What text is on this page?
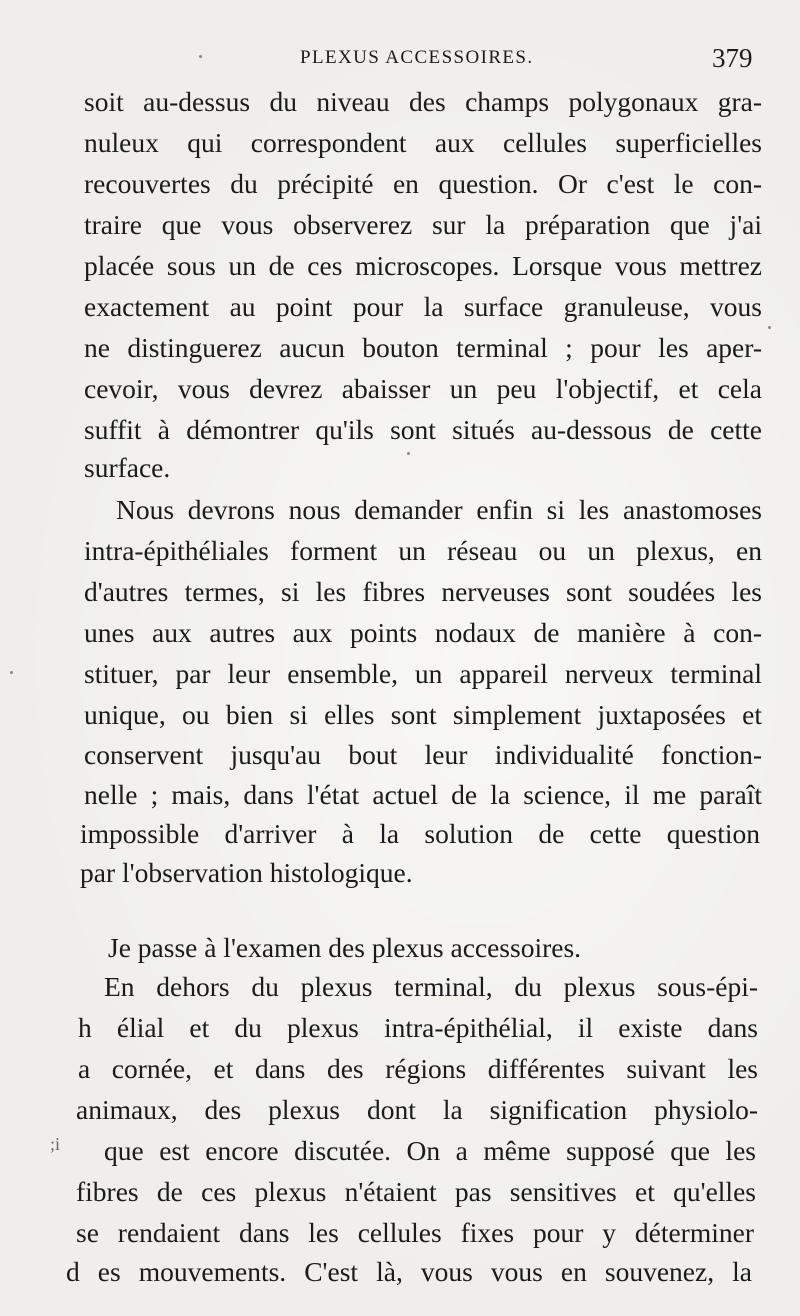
PLEXUS ACCESSOIRES.	379
soit au-dessus du niveau des champs polygonaux gra-
nuleux qui correspondent aux cellules superficielles
recouvertes du précipité en question. Or c'est le con-
traire que vous observerez sur la préparation que j'ai
placée sous un de ces microscopes. Lorsque vous mettrez
exactement au point pour la surface granuleuse, vous
ne distinguerez aucun bouton terminal ; pour les aper-
cevoir, vous devrez abaisser un peu l'objectif, et cela
suffit à démontrer qu'ils sont situés au-dessous de cette
surface.
Nous devrons nous demander enfin si les anastomoses
intra-épithéliales forment un réseau ou un plexus, en
d'autres termes, si les fibres nerveuses sont soudées les
unes aux autres aux points nodaux de manière à con-
stituer, par leur ensemble, un appareil nerveux terminal
unique, ou bien si elles sont simplement juxtaposées et
conservent jusqu'au bout leur individualité fonction-
nelle ; mais, dans l'état actuel de la science, il me paraît
impossible d'arriver à la solution de cette question
par l'observation histologique.
Je passe à l'examen des plexus accessoires.
En dehors du plexus terminal, du plexus sous-épi-
h élial et du plexus intra-épithélial, il existe dans
a cornée, et dans des régions différentes suivant les
animaux, des plexus dont la signification physiolo-
que est encore discutée. On a même supposé que les
fibres de ces plexus n'étaient pas sensitives et qu'elles
se rendaient dans les cellules fixes pour y déterminer
d es mouvements. C'est là, vous vous en souvenez, la
;i
